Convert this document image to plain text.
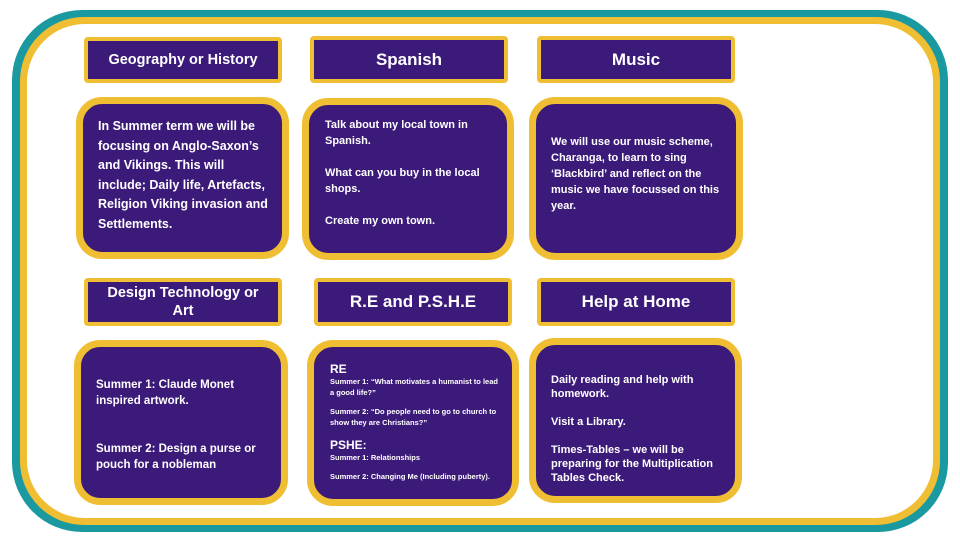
Geography or History	Spanish	Music

In Summer term we will be focusing on Anglo-Saxon’s and Vikings. This will include; Daily life, Artefacts, Religion Viking invasion and Settlements.

Talk about my local town in Spanish.

What can you buy in the local shops.

Create my own town.

We will use our music scheme, Charanga, to learn to sing ‘Blackbird’ and reflect on the music we have focussed on this year.

Design Technology or Art	R.E and P.S.H.E	Help at Home

Summer 1: Claude Monet inspired artwork.

Summer 2: Design a purse or pouch for a nobleman

RE

Summer 1: “What motivates a humanist to lead a good life?”

Summer 2: “Do people need to go to church to show they are Christians?”

PSHE:

Summer 1: Relationships

Summer 2: Changing Me (Including puberty).

Daily reading and help with homework.

Visit a Library.

Times-Tables – we will be preparing for the Multiplication Tables Check.
